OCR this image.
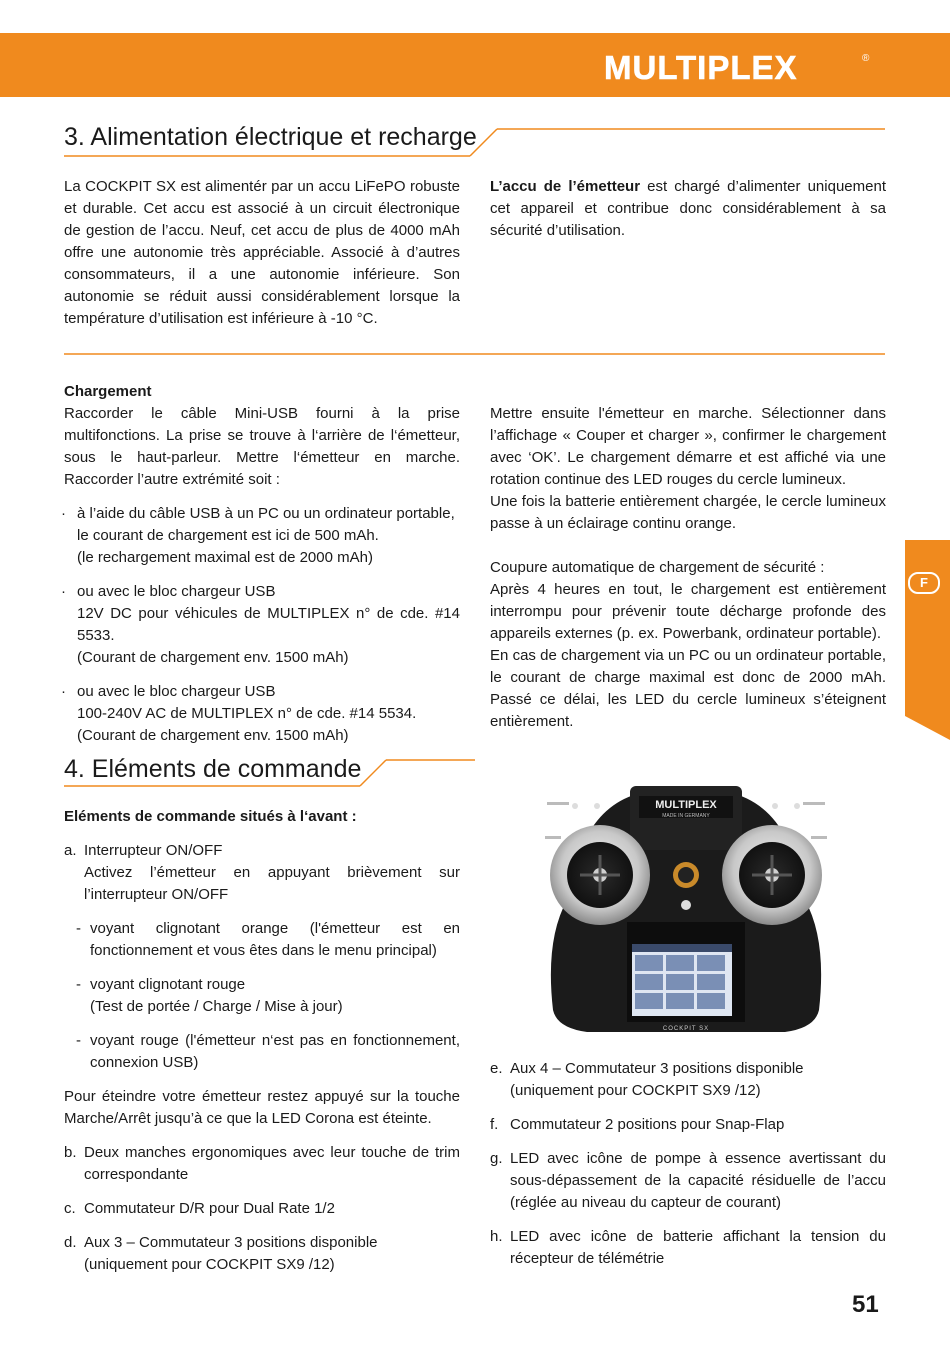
MULTIPLEX	®
3. Alimentation électrique et recharge

La COCKPIT SX est alimentér par un accu LiFePO robuste et durable. Cet accu est associé à un circuit électronique de gestion de l’accu. Neuf, cet accu de plus de 4000 mAh offre une autonomie très appréciable. Associé à d’autres consommateurs, il a une autonomie inférieure. Son autonomie se réduit aussi considérablement lorsque la température d’utilisation est inférieure à -10 °C.

L’accu de l’émetteur est chargé d’alimenter uniquement cet appareil et contribue donc considérablement à sa sécurité d’utilisation.

Chargement

Raccorder le câble Mini-USB fourni à la prise multifonctions. La prise se trouve à l‘arrière de l‘émetteur, sous le haut-parleur. Mettre l‘émetteur en marche. Raccorder l’autre extrémité soit :

· à l’aide du câble USB à un PC ou un ordinateur portable,
le courant de chargement est ici de 500 mAh.
(le rechargement maximal est de 2000 mAh)
· ou avec le bloc chargeur USB
12V DC pour véhicules de MULTIPLEX n° de cde. #14 5533.
(Courant de chargement env. 1500 mAh)
· ou avec le bloc chargeur USB
100-240V AC de MULTIPLEX n° de cde. #14 5534.
(Courant de chargement env. 1500 mAh)

Mettre ensuite l'émetteur en marche. Sélectionner dans l’affichage « Couper et charger », confirmer le chargement avec ‘OK’. Le chargement démarre et est affiché via une rotation continue des LED rouges du cercle lumineux.

Une fois la batterie entièrement chargée, le cercle lumineux passe à un éclairage continu orange.

Coupure automatique de chargement de sécurité :

Après 4 heures en tout, le chargement est entièrement interrompu pour prévenir toute décharge profonde des appareils externes (p. ex. Powerbank, ordinateur portable).

En cas de chargement via un PC ou un ordinateur portable, le courant de charge maximal est donc de 2000 mAh. Passé ce délai, les LED du cercle lumineux s’éteignent entièrement.

F
4. Eléments de commande

Eléments de commande situés à l‘avant :

a. Interrupteur ON/OFF
Activez l’émetteur en appuyant brièvement sur l’interrupteur ON/OFF
- voyant clignotant orange (l'émetteur est en fonctionnement et vous êtes dans le menu principal)
- voyant clignotant rouge
(Test de portée / Charge / Mise à jour)
- voyant rouge (l'émetteur n‘est pas en fonctionnement, connexion USB)

Pour éteindre votre émetteur restez appuyé sur la touche Marche/Arrêt jusqu’à ce que la LED Corona est éteinte.

b. Deux manches ergonomiques avec leur touche de trim correspondante
c. Commutateur D/R pour Dual Rate 1/2
d. Aux 3 – Commutateur 3 positions disponible
(uniquement pour COCKPIT SX9 /12)
MULTIPLEX
MADE IN GERMANY
COCKPIT SX
e. Aux 4 – Commutateur 3 positions disponible
(uniquement pour COCKPIT SX9 /12)
f. Commutateur 2 positions pour Snap-Flap
g. LED avec icône de pompe à essence avertissant du sous-dépassement de la capacité résiduelle de l’accu (réglée au niveau du capteur de courant)
h. LED avec icône de batterie affichant la tension du récepteur de télémétrie
51
